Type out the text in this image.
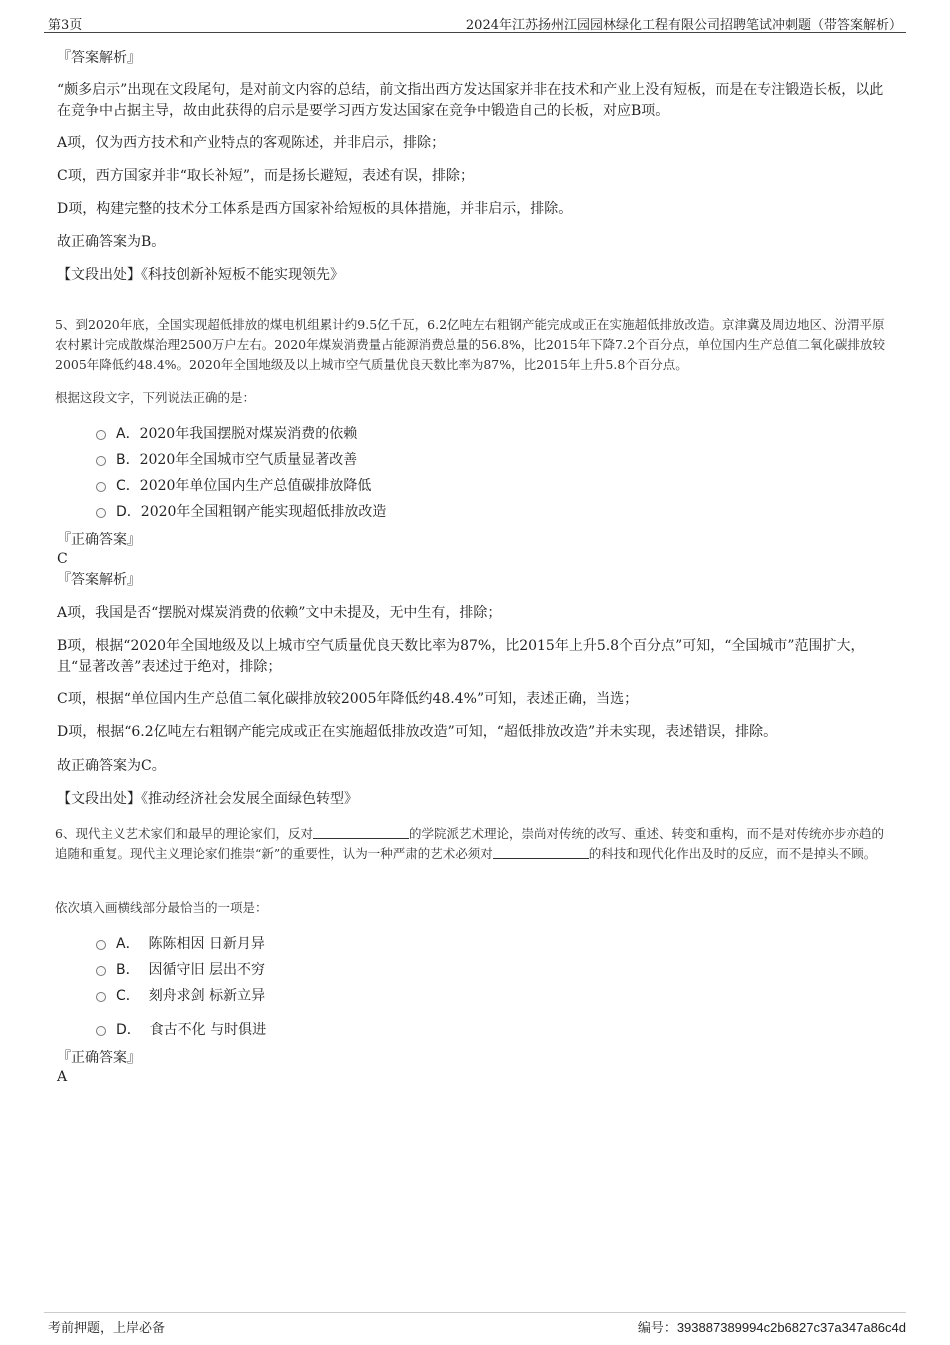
第3页	2024年江苏扬州江园园林绿化工程有限公司招聘笔试冲刺题（带答案解析）
『答案解析』
“颇多启示”出现在文段尾句，是对前文内容的总结，前文指出西方发达国家并非在技术和产业上没有短板，而是在专注锻造长板，以此在竞争中占据主导，故由此获得的启示是要学习西方发达国家在竞争中锻造自己的长板，对应B项。
A项，仅为西方技术和产业特点的客观陈述，并非启示，排除；
C项，西方国家并非“取长补短”，而是扬长避短，表述有误，排除；
D项，构建完整的技术分工体系是西方国家补给短板的具体措施，并非启示，排除。
故正确答案为B。
【文段出处】《科技创新补短板不能实现领先》
5、到2020年底，全国实现超低排放的煤电机组累计约9.5亿千瓦，6.2亿吨左右粗钢产能完成或正在实施超低排放改造。京津冀及周边地区、汾渭平原农村累计完成散煤治理2500万户左右。2020年煤炭消费量占能源消费总量的56.8%，比2015年下降7.2个百分点，单位国内生产总值二氧化碳排放较2005年降低约48.4%。2020年全国地级及以上城市空气质量优良天数比率为87%，比2015年上升5.8个百分点。
根据这段文字，下列说法正确的是：
A．2020年我国摆脱对煤炭消费的依赖
B．2020年全国城市空气质量显著改善
C．2020年单位国内生产总值碳排放降低
D．2020年全国粗钢产能实现超低排放改造
『正确答案』
C
『答案解析』
A项，我国是否“摆脱对煤炭消费的依赖”文中未提及，无中生有，排除；
B项，根据“2020年全国地级及以上城市空气质量优良天数比率为87%，比2015年上升5.8个百分点”可知，“全国城市”范围扩大，且“显著改善”表述过于绝对，排除；
C项，根据“单位国内生产总值二氧化碳排放较2005年降低约48.4%”可知，表述正确，当选；
D项，根据“6.2亿吨左右粗钢产能完成或正在实施超低排放改造”可知，“超低排放改造”并未实现，表述错误，排除。
故正确答案为C。
【文段出处】《推动经济社会发展全面绿色转型》
6、现代主义艺术家们和最早的理论家们，反对	的学院派艺术理论，崇尚对传统的改写、重述、转变和重构，而不是对传统亦步亦趋的追随和重复。现代主义理论家们推崇“新”的重要性，认为一种严肃的艺术必须对	的科技和现代化作出及时的反应，而不是掉头不顾。
依次填入画横线部分最恰当的一项是：
A． 陈陈相因 日新月异
B． 因循守旧 层出不穷
C． 刻舟求剑 标新立异
D． 食古不化 与时俱进
『正确答案』
A
考前押题，上岸必备	编号：393887389994c2b6827c37a347a86c4d
